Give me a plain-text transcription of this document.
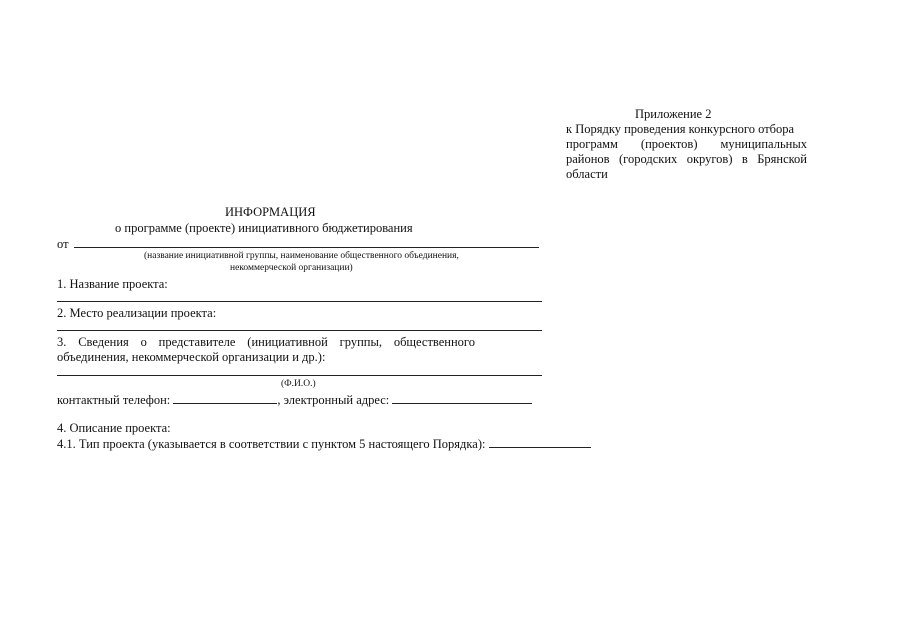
Приложение 2
к Порядку проведения конкурсного отбора
программ (проектов) муниципальных
районов (городских округов) в Брянской
области
ИНФОРМАЦИЯ
о программе (проекте) инициативного бюджетирования
от
(название инициативной группы, наименование общественного объединения,
некоммерческой организации)
1. Название проекта:
2. Место реализации проекта:
3. Сведения о представителе (инициативной группы, общественного
объединения, некоммерческой организации и др.):
(Ф.И.О.)
контактный телефон:	, электронный адрес:
4. Описание проекта:
4.1. Тип проекта (указывается в соответствии с пунктом 5 настоящего Порядка):
